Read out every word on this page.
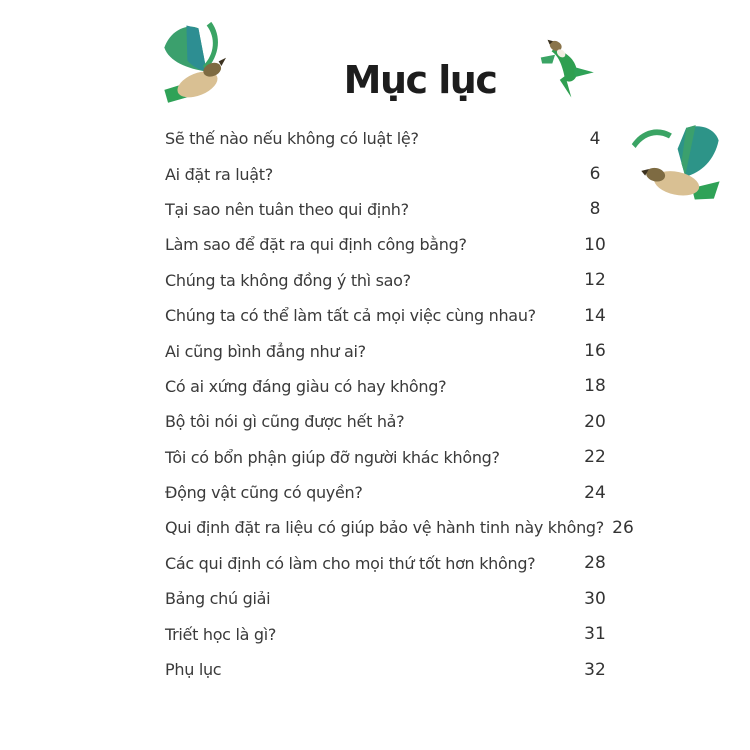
Mục lục
Sẽ thế nào nếu không có luật lệ?	4
Ai đặt ra luật?	6
Tại sao nên tuân theo qui định?	8
Làm sao để đặt ra qui định công bằng?	10
Chúng ta không đồng ý thì sao?	12
Chúng ta có thể làm tất cả mọi việc cùng nhau?	14
Ai cũng bình đẳng như ai?	16
Có ai xứng đáng giàu có hay không?	18
Bộ tôi nói gì cũng được hết hả?	20
Tôi có bổn phận giúp đỡ người khác không?	22
Động vật cũng có quyền?	24
Qui định đặt ra liệu có giúp bảo vệ hành tinh này không? 26
Các qui định có làm cho mọi thứ tốt hơn không?	28
Bảng chú giải	30
Triết học là gì?	31
Phụ lục	32
